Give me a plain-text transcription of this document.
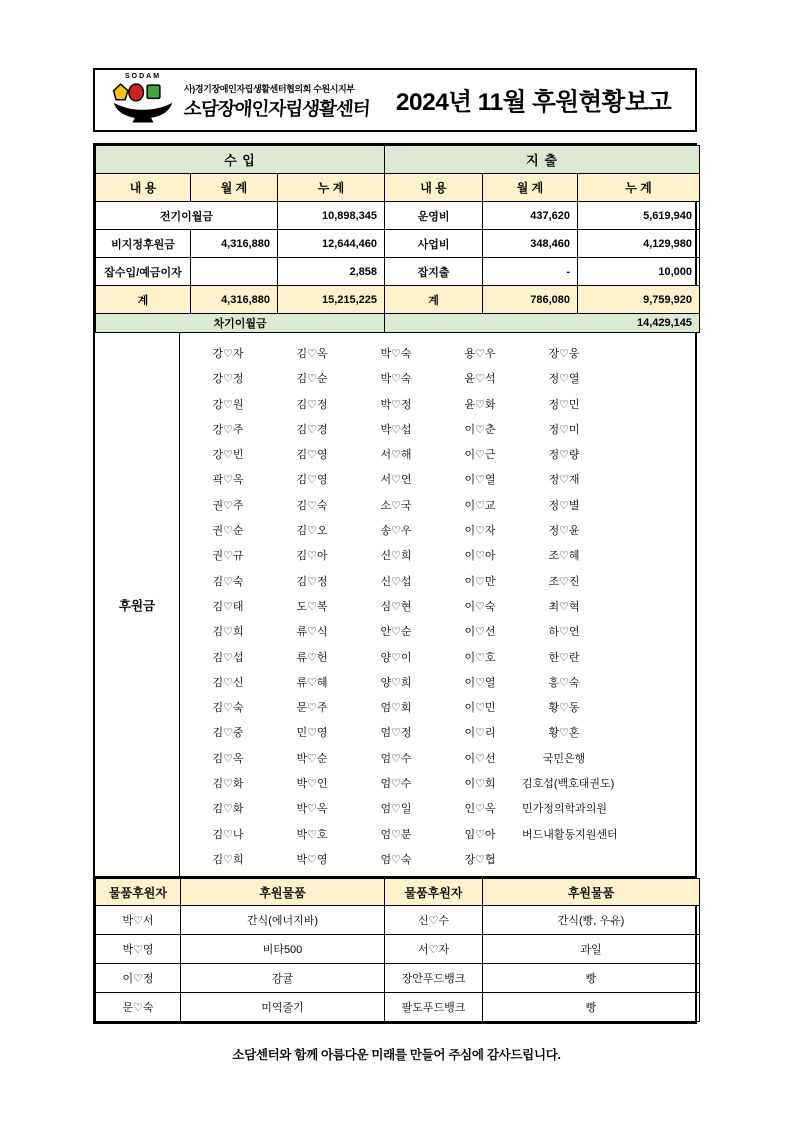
SODAM
사)경기장애인자립생활센터협의회 수원시지부
소담장애인자립생활센터	2024년 11월 후원현황보고
수 입			지 출		
내 용	월 계	누 계	내 용	월 계	누 계
전기이월금		10,898,345	운영비	437,620	5,619,940
비지정후원금	4,316,880	12,644,460	사업비	348,460	4,129,980
잡수입/예금이자		2,858	잡지출	-	10,000
계	4,316,880	15,215,225	계	786,080	9,759,920
차기이월금			14,429,145		
후원금
강♡자	김♡옥	박♡숙	용♡우	장♡웅
강♡정	김♡순	박♡숙	윤♡석	정♡열
강♡원	김♡정	박♡정	윤♡화	정♡민
강♡주	김♡경	박♡섭	이♡춘	정♡미
강♡빈	김♡영	서♡해	이♡근	정♡량
곽♡옥	김♡영	서♡연	이♡열	정♡재
권♡주	김♡숙	소♡국	이♡교	정♡별
권♡순	김♡오	송♡우	이♡자	정♡윤
권♡규	김♡아	신♡희	이♡아	조♡혜
김♡숙	김♡정	신♡섭	이♡만	조♡진
김♡태	도♡복	심♡현	이♡숙	최♡혁
김♡희	류♡식	안♡순	이♡선	하♡연
김♡섭	류♡헌	양♡이	이♡호	한♡란
김♡신	류♡혜	양♡희	이♡열	홍♡숙
김♡숙	문♡주	엄♡회	이♡민	황♡동
김♡중	민♡영	엄♡정	이♡리	황♡혼
김♡옥	박♡순	엄♡수	이♡선	국민은행
김♡화	박♡인	엄♡수	이♡희	김호섭(백호태권도)
김♡화	박♡옥	엄♡일	인♡옥	민가정의학과의원
김♡나	박♡호	엄♡분	임♡아	버드내활동지원센터
김♡희	박♡영	엄♡숙	장♡협
물품후원자	후원물품	물품후원자	후원물품
박♡서	간식(에너지바)	신♡수	간식(빵, 우유)
박♡영	비타500	서♡자	과일
이♡정	감귤	장안푸드뱅크	빵
문♡숙	미역줄기	팔도푸드뱅크	빵
소담센터와 함께 아름다운 미래를 만들어 주심에 감사드립니다.
